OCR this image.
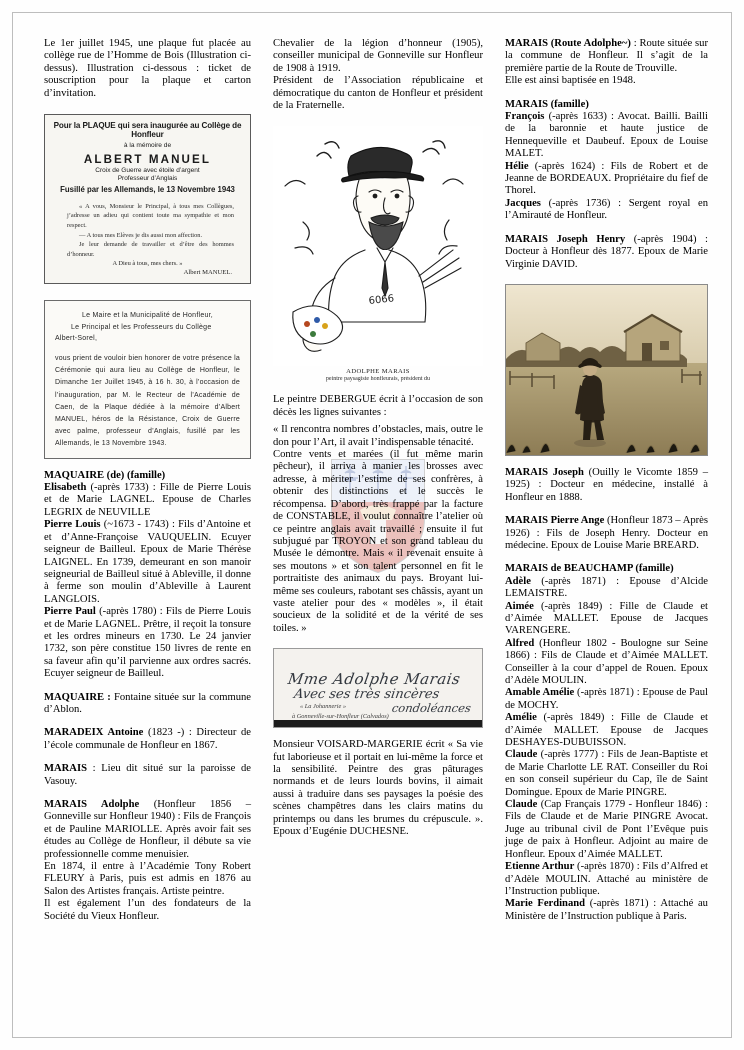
Le 1er juillet 1945, une plaque fut placée au collège rue de l’Homme de Bois (Illustration ci-dessus). Illustration ci-dessous : ticket de souscription pour la plaque et carton d’invitation.

Pour la PLAQUE qui sera inaugurée au Collège de Honfleur
à la mémoire de
ALBERT MANUEL
Croix de Guerre avec étoile d’argent
Professeur d’Anglais
Fusillé par les Allemands, le 13 Novembre 1943
« A vous, Monsieur le Principal, à tous mes Collègues, j’adresse un adieu qui contient toute ma sympathie et mon respect.
— A tous mes Elèves je dis aussi mon affection.
Je leur demande de travailler et d’être des hommes d’honneur.
A Dieu à tous, mes chers. »
Albert MANUEL.
Le Maire et la Municipalité de Honfleur,
Le Principal et les Professeurs du Collège
Albert-Sorel,
vous prient de vouloir bien honorer de votre présence la Cérémonie qui aura lieu au Collège de Honfleur, le Dimanche 1er Juillet 1945, à 16 h. 30, à l’occasion de l’inauguration, par M. le Recteur de l’Académie de Caen, de la Plaque dédiée à la mémoire d’Albert MANUEL, héros de la Résistance, Croix de Guerre avec palme, professeur d’Anglais, fusillé par les Allemands, le 13 Novembre 1943.

MAQUAIRE (de) (famille)

Elisabeth (-après 1733) : Fille de Pierre Louis et de Marie LAGNEL. Epouse de Charles LEGRIX de NEUVILLE

Pierre Louis (~1673 - 1743) : Fils d’Antoine et et d’Anne-Françoise VAUQUELIN. Ecuyer seigneur de Bailleul. Epoux de Marie Thérèse LAIGNEL. En 1739, demeurant en son manoir seigneurial de Bailleul situé à Ableville, il donne à ferme son moulin d’Ableville à Laurent LANGLOIS.

Pierre Paul (-après 1780) : Fils de Pierre Louis et de Marie LAGNEL. Prêtre, il reçoit la tonsure et les ordres mineurs en 1730. Le 24 janvier 1732, son père constitue 150 livres de rente en sa faveur afin qu’il parvienne aux ordres sacrés. Ecuyer seigneur de Bailleul.

MAQUAIRE : Fontaine située sur la commune d’Ablon.

MARADEIX Antoine (1823 -) : Directeur de l’école communale de Honfleur en 1867.

MARAIS : Lieu dit situé sur la paroisse de Vasouy.

MARAIS Adolphe (Honfleur 1856 – Gonneville sur Honfleur 1940) : Fils de François et de Pauline MARIOLLE. Après avoir fait ses études au Collège de Honfleur, il débute sa vie professionnelle comme menuisier.

En 1874, il entre à l’Académie Tony Robert FLEURY à Paris, puis est admis en 1876 au Salon des Artistes français. Artiste peintre.

Il est également l’un des fondateurs de la Société du Vieux Honfleur.

Chevalier de la légion d’honneur (1905), conseiller municipal de Gonneville sur Honfleur de 1908 à 1919.

Président de l’Association républicaine et démocratique du canton de Honfleur et président de la Fraternelle.

6066
ADOLPHE MARAIS
peintre paysagiste honfleurais, président du

Le peintre DEBERGUE écrit à l’occasion de son décès les lignes suivantes :

« Il rencontra nombres d’obstacles, mais, outre le don pour l’Art, il avait l’indispensable ténacité.

Contre vents et marées (il fut même marin pêcheur), il arriva à manier les brosses avec adresse, à mériter l’estime de ses confrères, à obtenir des distinctions et le succès le récompensa. D’abord, très frappé par la facture de CONSTABLE, il voulut connaître l’atelier où ce peintre anglais avait travaillé ; ensuite il fut subjugué par TROYON et son grand tableau du Musée le démontre. Mais « il revenait ensuite à ses moutons » et son talent personnel en fit le portraitiste des animaux du pays. Broyant lui-même ses couleurs, rabotant ses châssis, ayant un vaste atelier pour des « modèles », il était soucieux de la solidité et de la vérité de ses toiles. »

Mme Adolphe Marais
Avec ses très sincères
condoléances
« La Johannerie »
à Gonneville-sur-Honfleur (Calvados)

Monsieur VOISARD-MARGERIE écrit « Sa vie fut laborieuse et il portait en lui-même la force et la sensibilité. Peintre des gras pâturages normands et de leurs lourds bovins, il aimait aussi à traduire dans ses paysages la poésie des scènes champêtres dans les clairs matins du printemps ou dans les brumes du crépuscule. ». Epoux d’Eugénie DUCHESNE.

MARAIS (Route Adolphe~) : Route située sur la commune de Honfleur. Il s’agit de la première partie de la Route de Trouville.

Elle est ainsi baptisée en 1948.

MARAIS (famille)

François (-après 1633) : Avocat. Bailli. Bailli de la baronnie et haute justice de Hennequeville et Daubeuf. Epoux de Louise MALET.

Hélie (-après 1624) : Fils de Robert et de Jeanne de BORDEAUX. Propriétaire du fief de Thorel.

Jacques (-après 1736) : Sergent royal en l’Amirauté de Honfleur.

MARAIS Joseph Henry (-après 1904) : Docteur à Honfleur dès 1877. Epoux de Marie Virginie DAVID.

MARAIS Joseph (Ouilly le Vicomte 1859 – 1925) : Docteur en médecine, installé à Honfleur en 1888.

MARAIS Pierre Ange (Honfleur 1873 – Après 1926) : Fils de Joseph Henry. Docteur en médecine. Epoux de Louise Marie BREARD.

MARAIS de BEAUCHAMP (famille)

Adèle (-après 1871) : Epouse d’Alcide LEMAISTRE.

Aimée (-après 1849) : Fille de Claude et d’Aimée MALLET. Epouse de Jacques VARENGERE.

Alfred (Honfleur 1802 - Boulogne sur Seine 1866) : Fils de Claude et d’Aimée MALLET. Conseiller à la cour d’appel de Rouen. Epoux d’Adèle MOULIN.

Amable Amélie (-après 1871) : Epouse de Paul de MOCHY.

Amélie (-après 1849) : Fille de Claude et d’Aimée MALLET. Epouse de Jacques DESHAYES-DUBUISSON.

Claude (-après 1777) : Fils de Jean-Baptiste et de Marie Charlotte LE RAT. Conseiller du Roi en son conseil supérieur du Cap, île de Saint Domingue. Epoux de Marie PINGRE.

Claude (Cap Français 1779 - Honfleur 1846) : Fils de Claude et de Marie PINGRE Avocat. Juge au tribunal civil de Pont l’Evêque puis juge de paix à Honfleur. Adjoint au maire de Honfleur. Epoux d’Aimée MALLET.

Etienne Arthur (-après 1870) : Fils d’Alfred et d’Adèle MOULIN. Attaché au ministère de l’Instruction publique.

Marie Ferdinand (-après 1871) : Attaché au Ministère de l’Instruction publique à Paris.
